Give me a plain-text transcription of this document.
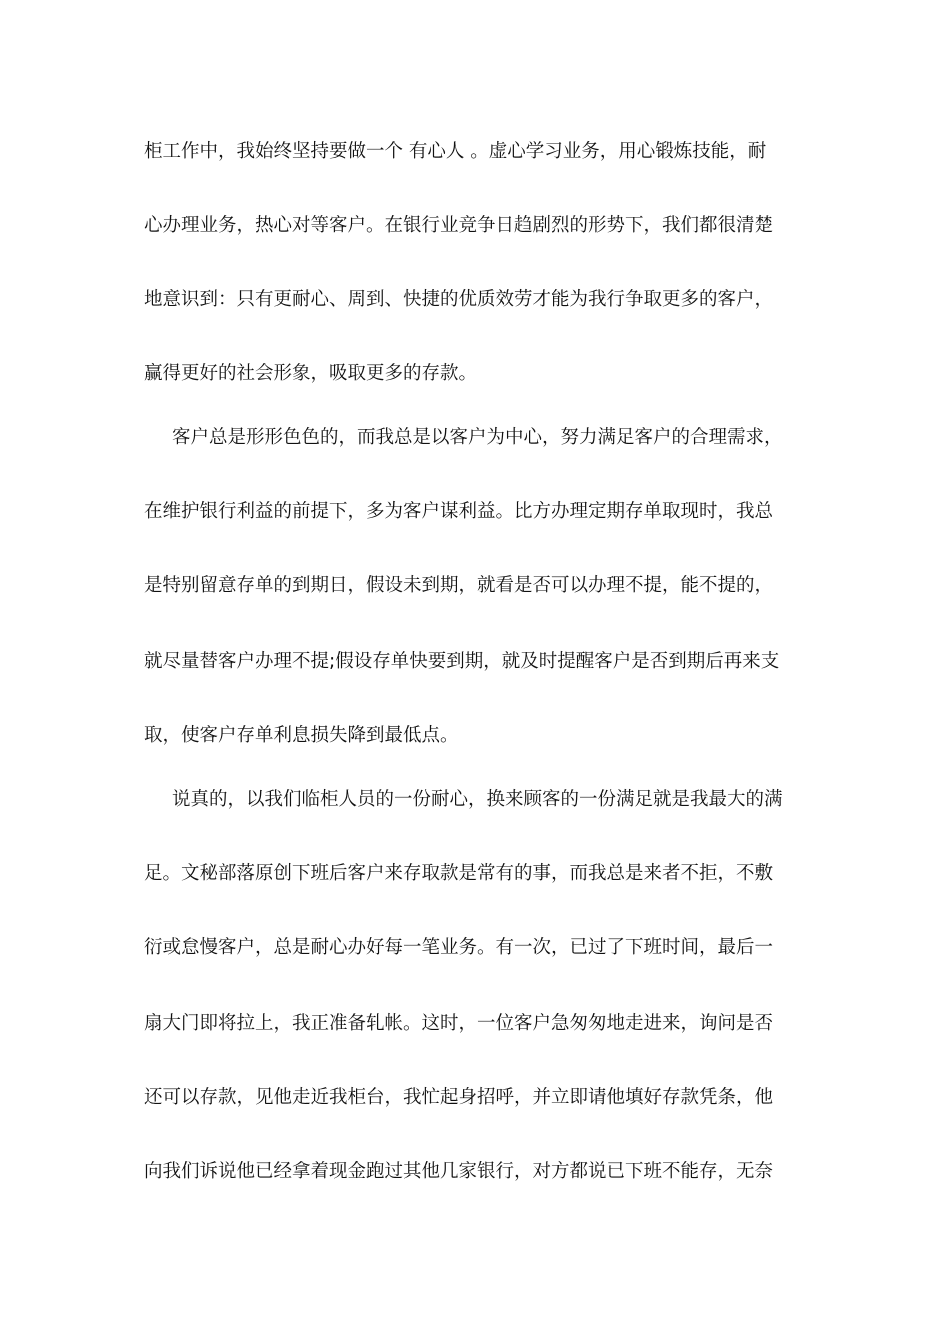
柜工作中，我始终坚持要做一个 有心人 。虚心学习业务，用心锻炼技能，耐
心办理业务，热心对等客户。在银行业竞争日趋剧烈的形势下，我们都很清楚
地意识到：只有更耐心、周到、快捷的优质效劳才能为我行争取更多的客户，
赢得更好的社会形象，吸取更多的存款。
客户总是形形色色的，而我总是以客户为中心，努力满足客户的合理需求，
在维护银行利益的前提下，多为客户谋利益。比方办理定期存单取现时，我总
是特别留意存单的到期日，假设未到期，就看是否可以办理不提，能不提的，
就尽量替客户办理不提;假设存单快要到期，就及时提醒客户是否到期后再来支
取，使客户存单利息损失降到最低点。
说真的，以我们临柜人员的一份耐心，换来顾客的一份满足就是我最大的满
足。文秘部落原创下班后客户来存取款是常有的事，而我总是来者不拒，不敷
衍或怠慢客户，总是耐心办好每一笔业务。有一次，已过了下班时间，最后一
扇大门即将拉上，我正准备轧帐。这时，一位客户急匆匆地走进来，询问是否
还可以存款，见他走近我柜台，我忙起身招呼，并立即请他填好存款凭条，他
向我们诉说他已经拿着现金跑过其他几家银行，对方都说已下班不能存，无奈
